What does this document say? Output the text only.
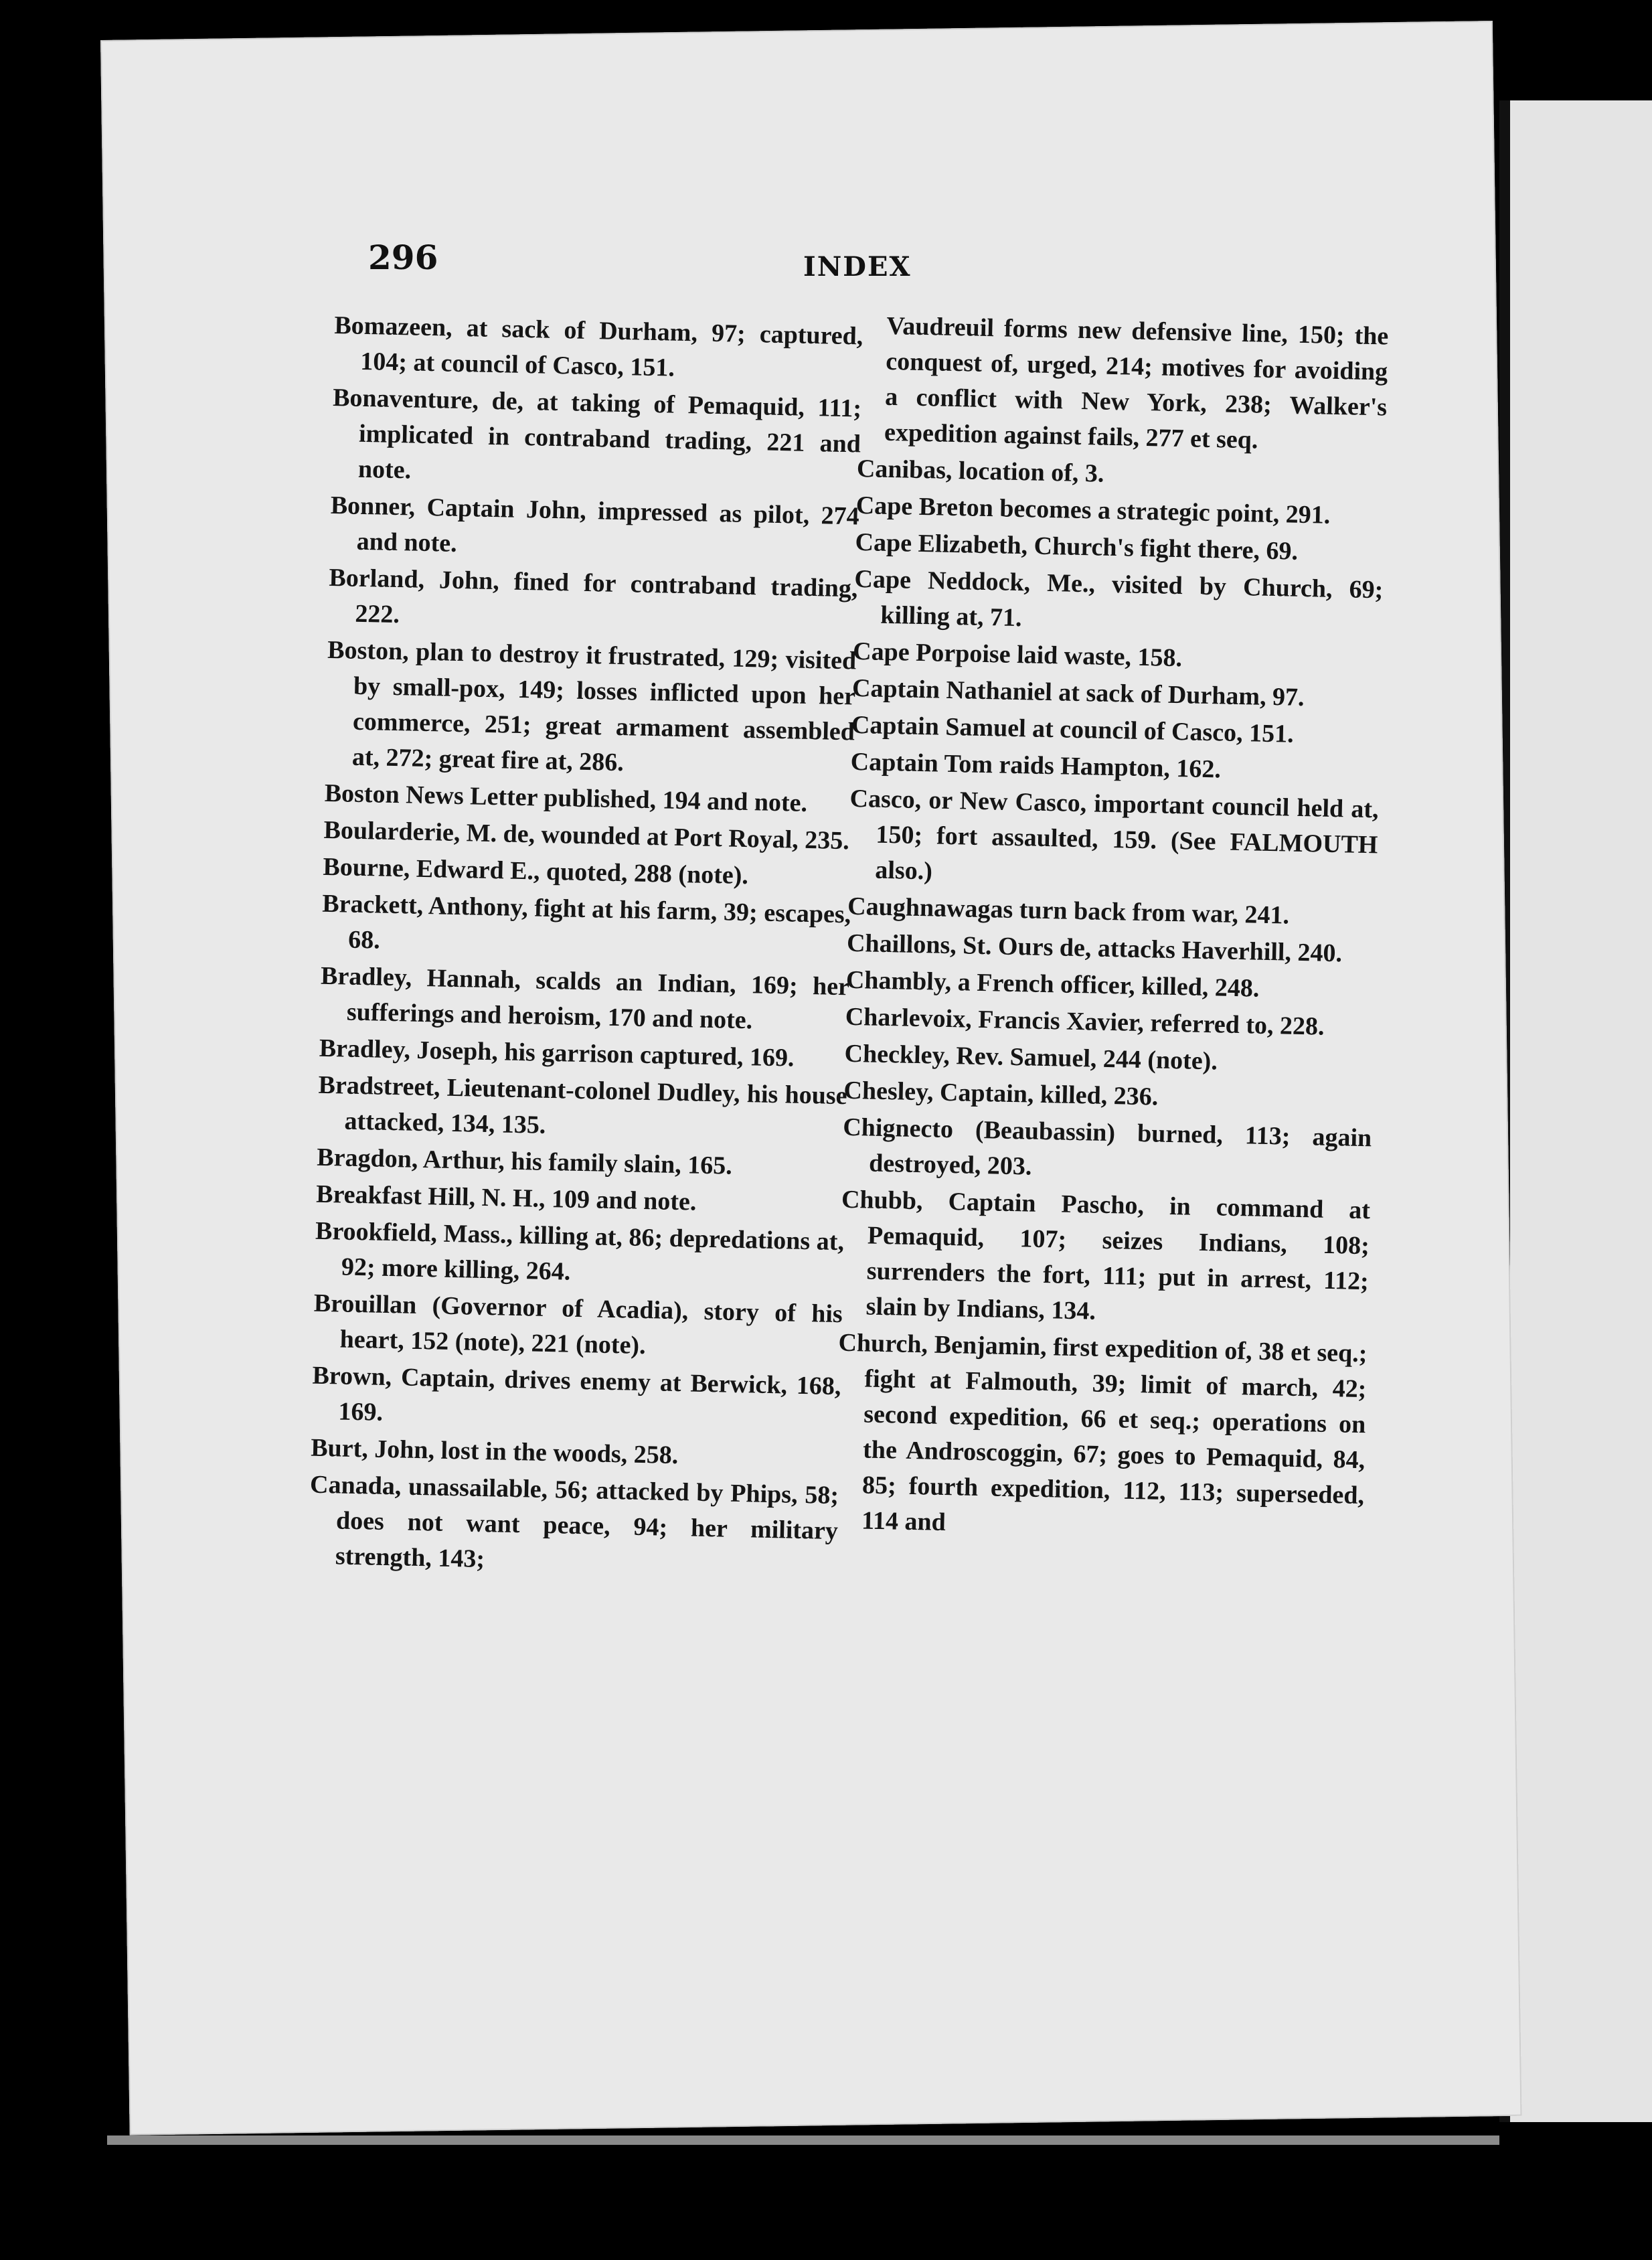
296	INDEX
Bomazeen, at sack of Durham, 97; captured, 104; at council of Casco, 151.
Bonaventure, de, at taking of Pemaquid, 111; implicated in contraband trading, 221 and note.
Bonner, Captain John, impressed as pilot, 274 and note.
Borland, John, fined for contraband trading, 222.
Boston, plan to destroy it frustrated, 129; visited by small-pox, 149; losses inflicted upon her commerce, 251; great armament assembled at, 272; great fire at, 286.
Boston News Letter published, 194 and note.
Boularderie, M. de, wounded at Port Royal, 235.
Bourne, Edward E., quoted, 288 (note).
Brackett, Anthony, fight at his farm, 39; escapes, 68.
Bradley, Hannah, scalds an Indian, 169; her sufferings and heroism, 170 and note.
Bradley, Joseph, his garrison captured, 169.
Bradstreet, Lieutenant-colonel Dudley, his house attacked, 134, 135.
Bragdon, Arthur, his family slain, 165.
Breakfast Hill, N. H., 109 and note.
Brookfield, Mass., killing at, 86; depredations at, 92; more killing, 264.
Brouillan (Governor of Acadia), story of his heart, 152 (note), 221 (note).
Brown, Captain, drives enemy at Berwick, 168, 169.
Burt, John, lost in the woods, 258.
Canada, unassailable, 56; attacked by Phips, 58; does not want peace, 94; her military strength, 143;
Vaudreuil forms new defensive line, 150; the conquest of, urged, 214; motives for avoiding a conflict with New York, 238; Walker's expedition against fails, 277 et seq.
Canibas, location of, 3.
Cape Breton becomes a strategic point, 291.
Cape Elizabeth, Church's fight there, 69.
Cape Neddock, Me., visited by Church, 69; killing at, 71.
Cape Porpoise laid waste, 158.
Captain Nathaniel at sack of Durham, 97.
Captain Samuel at council of Casco, 151.
Captain Tom raids Hampton, 162.
Casco, or New Casco, important council held at, 150; fort assaulted, 159. (See FALMOUTH also.)
Caughnawagas turn back from war, 241.
Chaillons, St. Ours de, attacks Haverhill, 240.
Chambly, a French officer, killed, 248.
Charlevoix, Francis Xavier, referred to, 228.
Checkley, Rev. Samuel, 244 (note).
Chesley, Captain, killed, 236.
Chignecto (Beaubassin) burned, 113; again destroyed, 203.
Chubb, Captain Pascho, in command at Pemaquid, 107; seizes Indians, 108; surrenders the fort, 111; put in arrest, 112; slain by Indians, 134.
Church, Benjamin, first expedition of, 38 et seq.; fight at Falmouth, 39; limit of march, 42; second expedition, 66 et seq.; operations on the Androscoggin, 67; goes to Pemaquid, 84, 85; fourth expedition, 112, 113; superseded, 114 and
